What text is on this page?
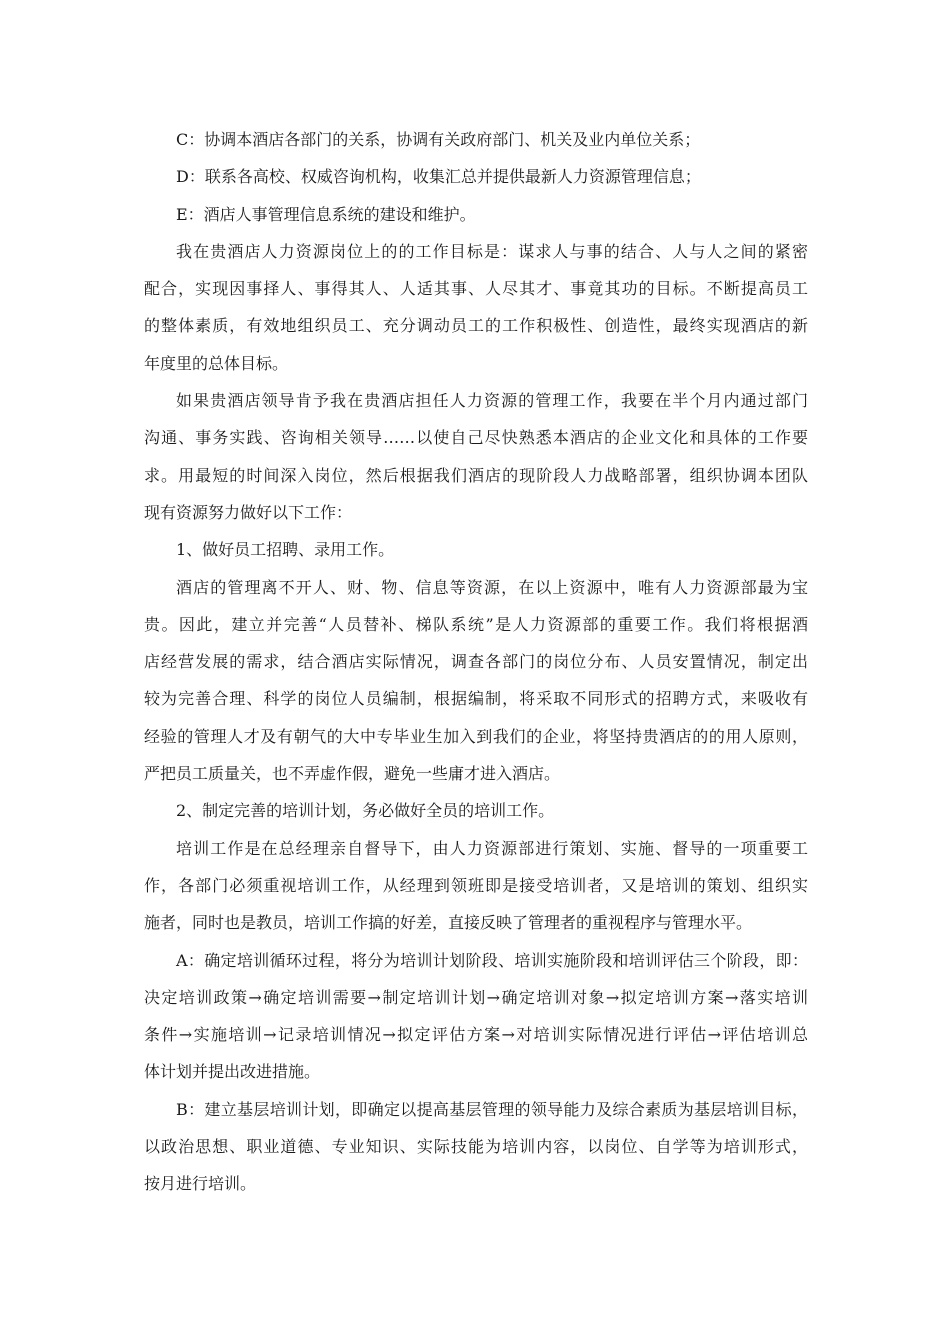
C：协调本酒店各部门的关系，协调有关政府部门、机关及业内单位关系；
D：联系各高校、权威咨询机构，收集汇总并提供最新人力资源管理信息；
E：酒店人事管理信息系统的建设和维护。
我在贵酒店人力资源岗位上的的工作目标是：谋求人与事的结合、人与人之间的紧密
配合，实现因事择人、事得其人、人适其事、人尽其才、事竟其功的目标。不断提高员工
的整体素质，有效地组织员工、充分调动员工的工作积极性、创造性，最终实现酒店的新
年度里的总体目标。
如果贵酒店领导肯予我在贵酒店担任人力资源的管理工作，我要在半个月内通过部门
沟通、事务实践、咨询相关领导……以使自己尽快熟悉本酒店的企业文化和具体的工作要
求。用最短的时间深入岗位，然后根据我们酒店的现阶段人力战略部署，组织协调本团队
现有资源努力做好以下工作：
1、做好员工招聘、录用工作。
酒店的管理离不开人、财、物、信息等资源，在以上资源中，唯有人力资源部最为宝
贵。因此，建立并完善“人员替补、梯队系统”是人力资源部的重要工作。我们将根据酒
店经营发展的需求，结合酒店实际情况，调查各部门的岗位分布、人员安置情况，制定出
较为完善合理、科学的岗位人员编制，根据编制，将采取不同形式的招聘方式，来吸收有
经验的管理人才及有朝气的大中专毕业生加入到我们的企业，将坚持贵酒店的的用人原则，
严把员工质量关，也不弄虚作假，避免一些庸才进入酒店。
2、制定完善的培训计划，务必做好全员的培训工作。
培训工作是在总经理亲自督导下，由人力资源部进行策划、实施、督导的一项重要工
作，各部门必须重视培训工作，从经理到领班即是接受培训者，又是培训的策划、组织实
施者，同时也是教员，培训工作搞的好差，直接反映了管理者的重视程序与管理水平。
A：确定培训循环过程，将分为培训计划阶段、培训实施阶段和培训评估三个阶段，即：
决定培训政策→确定培训需要→制定培训计划→确定培训对象→拟定培训方案→落实培训
条件→实施培训→记录培训情况→拟定评估方案→对培训实际情况进行评估→评估培训总
体计划并提出改进措施。
B：建立基层培训计划，即确定以提高基层管理的领导能力及综合素质为基层培训目标，
以政治思想、职业道德、专业知识、实际技能为培训内容，以岗位、自学等为培训形式，
按月进行培训。
